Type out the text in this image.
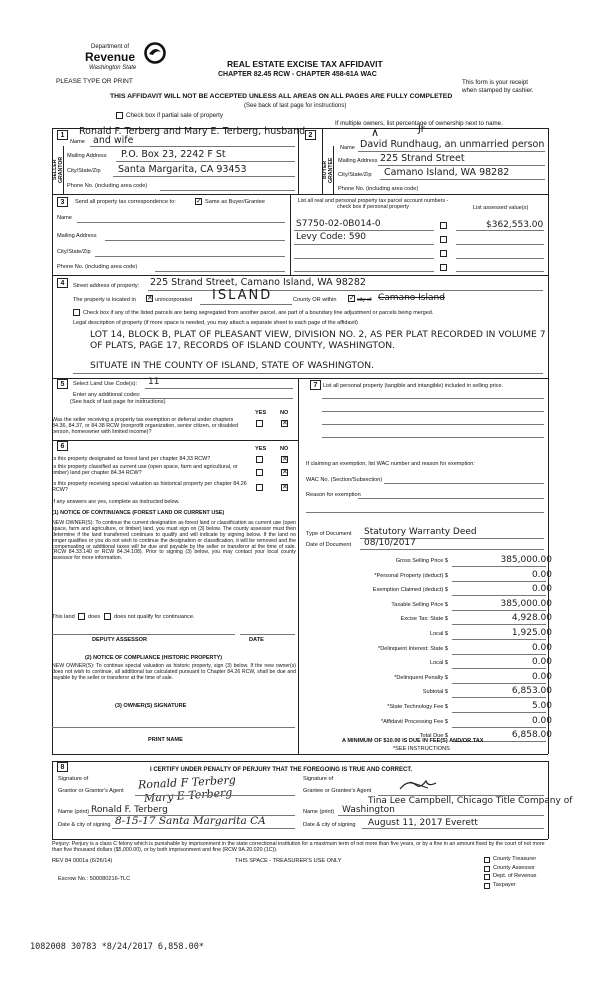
Department of
Revenue
Washington State
PLEASE TYPE OR PRINT
REAL ESTATE EXCISE TAX AFFIDAVIT
CHAPTER 82.45 RCW - CHAPTER 458-61A WAC
This form is your receipt
when stamped by cashier.
THIS AFFIDAVIT WILL NOT BE ACCEPTED UNLESS ALL AREAS ON ALL PAGES ARE FULLY COMPLETED
(See back of last page for instructions)
Check box if partial sale of property
If multiple owners, list percentage of ownership next to name.
1
SELLER GRANTOR
Ronald F. Terberg and Mary E. Terberg, husband
Name and wife
Mailing Address P.O. Box 23, 2242 F St
City/State/Zip Santa Margarita, CA 93453
Phone No. (including area code)
2
BUYER GRANTEE
Jr
∧
Name David Rundhaug, an unmarried person
Mailing Address 225 Strand Street
City/State/Zip Camano Island, WA 98282
Phone No. (including area code)
3	Send all property tax correspondence to:	✓ Same as Buyer/Grantee
Name
Mailing Address
City/State/Zip
Phone No. (including area code)
List all real and personal property tax parcel account numbers - check box if personal property	List assessed value(s)
S7750-02-0B014-0	$362,553.00
Levy Code: 590
4	Street address of property: 225 Strand Street, Camano Island, WA 98282
The property is located in ✕ unincorporated ISLAND	County OR within ✓ city of Camano Island
Check box if any of the listed parcels are being segregated from another parcel, are part of a boundary line adjustment or parcels being merged.
Legal description of property (if more space is needed, you may attach a separate sheet to each page of the affidavit)
LOT 14, BLOCK B, PLAT OF PLEASANT VIEW, DIVISION NO. 2, AS PER PLAT RECORDED IN VOLUME 7
OF PLATS, PAGE 17, RECORDS OF ISLAND COUNTY, WASHINGTON.
SITUATE IN THE COUNTY OF ISLAND, STATE OF WASHINGTON.
5	Select Land Use Code(s): 11
Enter any additional codes:
(See back of last page for instructions)
YES NO
Was the seller receiving a property tax exemption or deferral under chapters 84.36, 84.37, or 84.38 RCW (nonprofit organization, senior citizen, or disabled person, homeowner with limited income)?
✕
6	YES NO
Is this property designated as forest land per chapter 84.33 RCW?	✕
Is this property classified as current use (open space, farm and agricultural, or timber) land per chapter 84.34 RCW?	✕
Is this property receiving special valuation as historical property per chapter 84.26 RCW?	✕
If any answers are yes, complete as instructed below.
(1) NOTICE OF CONTINUANCE (FOREST LAND OR CURRENT USE)
NEW OWNER(S): To continue the current designation as forest land or classification as current use (open space, farm and agriculture, or timber) land, you must sign on (3) below. The county assessor must then determine if the land transferred continues to qualify and will indicate by signing below. If the land no longer qualifies or you do not wish to continue the designation or classification, it will be removed and the compensating or additional taxes will be due and payable by the seller or transferor at the time of sale. (RCW 84.33.140 or RCW 84.34.108). Prior to signing (3) below, you may contact your local county assessor for more information.
This land does does not qualify for continuance.
DEPUTY ASSESSOR	DATE
(2) NOTICE OF COMPLIANCE (HISTORIC PROPERTY)
NEW OWNER(S): To continue special valuation as historic property, sign (3) below. If the new owner(s) does not wish to continue, all additional tax calculated pursuant to Chapter 84.26 RCW, shall be due and payable by the seller or transferor at the time of sale.
(3) OWNER(S) SIGNATURE
PRINT NAME
7	List all personal property (tangible and intangible) included in selling price.
If claiming an exemption, list WAC number and reason for exemption:
WAC No. (Section/Subsection)
Reason for exemption
Type of Document Statutory Warranty Deed
Date of Document 08/10/2017
Gross Selling Price $	385,000.00
*Personal Property (deduct) $	0.00
Exemption Claimed (deduct) $	0.00
Taxable Selling Price $	385,000.00
Excise Tax: State $	4,928.00
Local $	1,925.00
*Delinquent Interest: State $	0.00
Local $	0.00
*Delinquent Penalty $	0.00
Subtotal $	6,853.00
*State Technology Fee $	5.00
*Affidavit Processing Fee $	0.00
Total Due $	6,858.00
A MINIMUM OF $10.00 IS DUE IN FEE(S) AND/OR TAX
*SEE INSTRUCTIONS
8	I CERTIFY UNDER PENALTY OF PERJURY THAT THE FOREGOING IS TRUE AND CORRECT.
Signature of
Grantor or Grantor's Agent Ronald F Terberg
Mary E Terberg
Name (print) Ronald F. Terberg
Date & city of signing 8-15-17 Santa Margarita CA
Signature of
Grantee or Grantee's Agent
Tina Lee Campbell, Chicago Title Company of
Name (print) Washington
Date & city of signing August 11, 2017 Everett
Perjury: Perjury is a class C felony which is punishable by imprisonment in the state correctional institution for a maximum term of not more than five years, or by a fine in an amount fixed by the court of not more than five thousand dollars ($5,000.00), or by both imprisonment and fine (RCW 9A.20.020 (1C)).
REV 84 0001a (6/26/14)	THIS SPACE - TREASURER'S USE ONLY
Escrow No.: 500080216-TLC
County Treasurer
County Assessor
Dept. of Revenue
Taxpayer
1082008 30783 *8/24/2017 6,858.00*
